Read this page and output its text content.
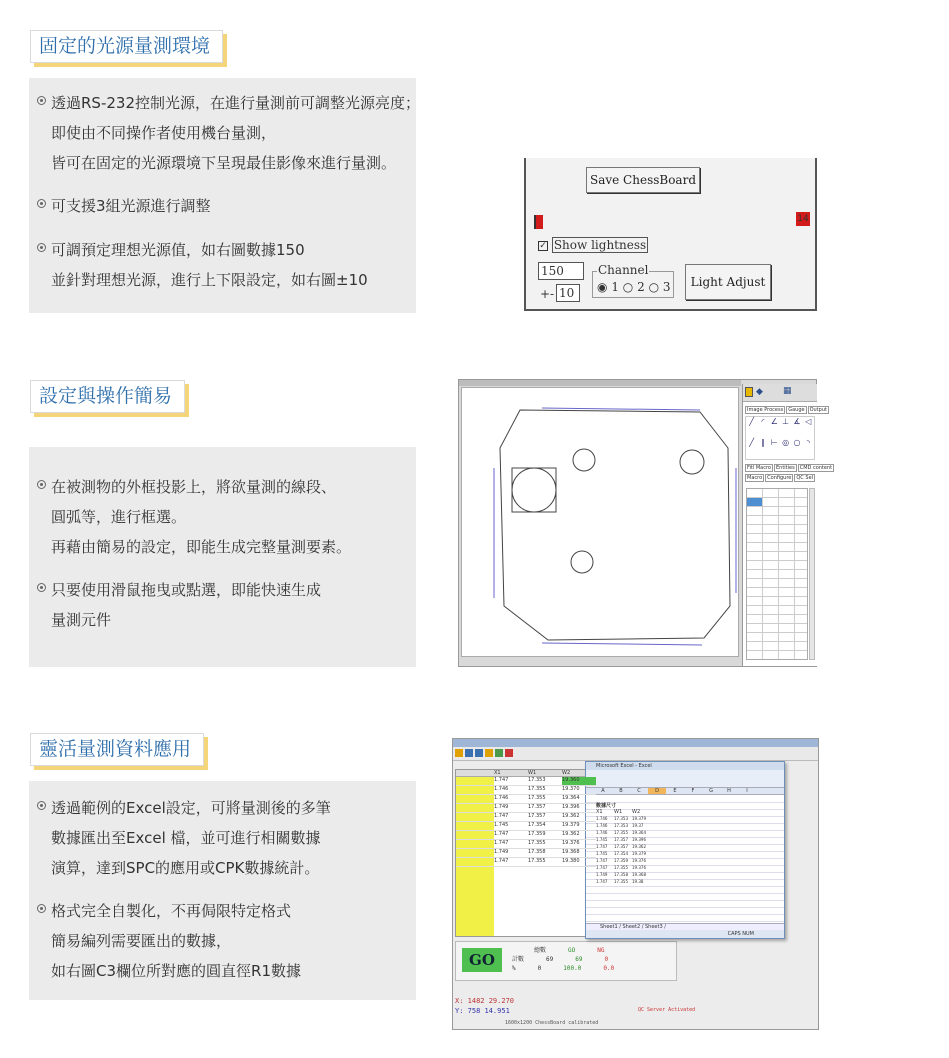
固定的光源量測環境
透過RS-232控制光源，在進行量測前可調整光源亮度；
即使由不同操作者使用機台量測，
皆可在固定的光源環境下呈現最佳影像來進行量測。
可支援3組光源進行調整
可調預定理想光源值，如右圖數據150
並針對理想光源，進行上下限設定，如右圖±10
Save ChessBoard
14
✓ Show lightness
150
+- 10
Channel
◉ 1 ○ 2 ○ 3	Light Adjust
設定與操作簡易
在被測物的外框投影上，將欲量測的線段、
圓弧等，進行框選。
再藉由簡易的設定，即能生成完整量測要素。
只要使用滑鼠拖曳或點選，即能快速生成
量測元件
◆ ▦
Image Process	Gauge	Output
╱ ◜ ∠ ⊥ ∡ ◁
╱ ∥ ⊢ ◎ ○ ◝
Fitl Macro	Entities	CMD content
Macro	Configure	QC Sel
靈活量測資料應用
透過範例的Excel設定，可將量測後的多筆
數據匯出至Excel 檔，並可進行相關數據
演算，達到SPC的應用或CPK數據統計。
格式完全自製化，不再侷限特定格式
簡易編列需要匯出的數據，
如右圖C3欄位所對應的圓直徑R1數據
X1	W1	W2
1.747	17.353	19.360
1.746	17.355	19.370
1.746	17.355	19.364
1.749	17.357	19.396
1.747	17.357	19.362
1.745	17.354	19.379
1.747	17.359	19.362
1.747	17.355	19.376
1.749	17.358	19.368
1.747	17.355	19.380
GO
總數	GO	NG
計數	69	69	0
%	0	100.0	0.0
X: 1482 29.270
Y: 758 14.951	QC Server Activated
1600x1200 ChessBoard calibrated
Microsoft Excel - Excel
A	B	C	D	E	F	G	H	I
數據尺寸
X1	W1	W2
1.746	17.353	19.379
1.746	17.353	19.37
1.746	17.355	19.364
1.745	17.357	19.396
1.747	17.357	19.362
1.745	17.354	19.379
1.747	17.359	19.376
1.747	17.355	19.376
1.749	17.358	19.368
1.747	17.355	19.38
Sheet1 / Sheet2 / Sheet3 /
CAPS NUM
